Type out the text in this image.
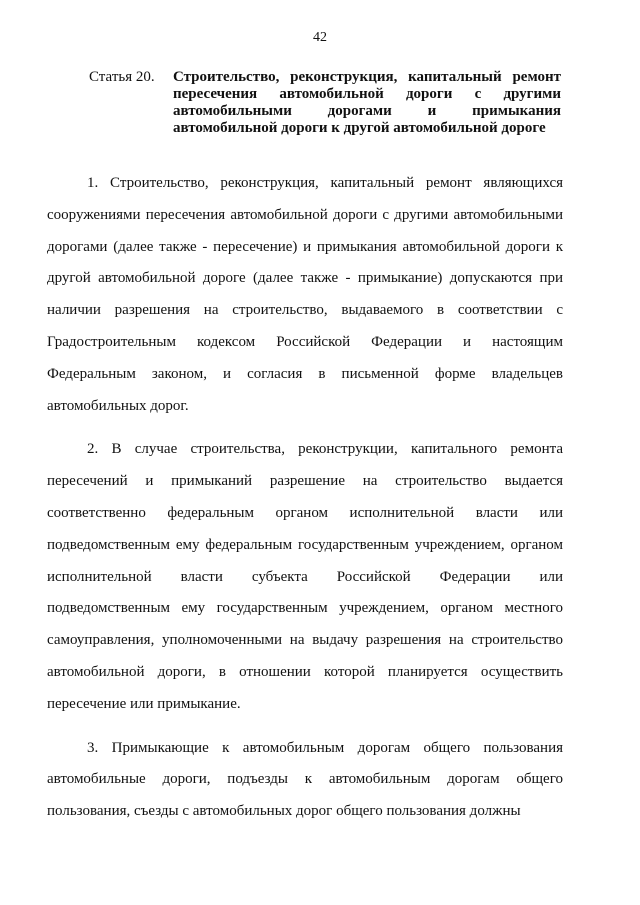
42
Статья 20.	Строительство, реконструкция, капитальный ремонт пересечения автомобильной дороги с другими автомобильными дорогами и примыкания автомобильной дороги к другой автомобильной дороге

1. Строительство, реконструкция, капитальный ремонт являющихся сооружениями пересечения автомобильной дороги с другими автомобильными дорогами (далее также - пересечение) и примыкания автомобильной дороги к другой автомобильной дороге (далее также - примыкание) допускаются при наличии разрешения на строительство, выдаваемого в соответствии с Градостроительным кодексом Российской Федерации и настоящим Федеральным законом, и согласия в письменной форме владельцев автомобильных дорог.

2. В случае строительства, реконструкции, капитального ремонта пересечений и примыканий разрешение на строительство выдается соответственно федеральным органом исполнительной власти или подведомственным ему федеральным государственным учреждением, органом исполнительной власти субъекта Российской Федерации или подведомственным ему государственным учреждением, органом местного самоуправления, уполномоченными на выдачу разрешения на строительство автомобильной дороги, в отношении которой планируется осуществить пересечение или примыкание.

3. Примыкающие к автомобильным дорогам общего пользования автомобильные дороги, подъезды к автомобильным дорогам общего пользования, съезды с автомобильных дорог общего пользования должны
